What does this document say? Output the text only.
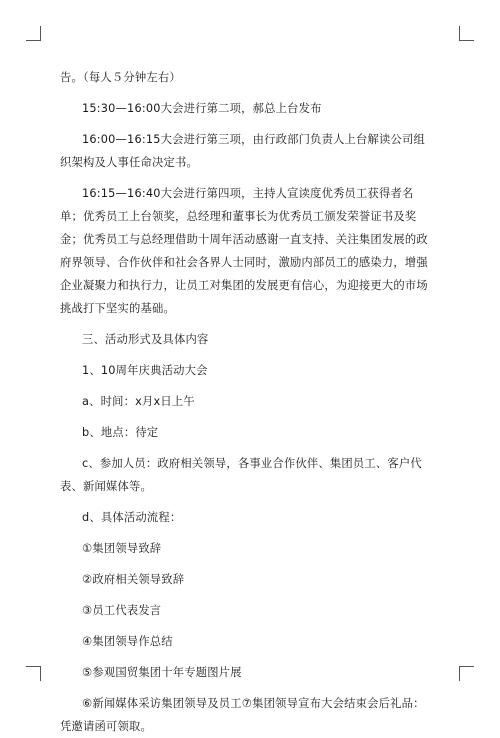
告。（每人５分钟左右）

15:30—16:00大会进行第二项，郝总上台发布

16:00—16:15大会进行第三项，由行政部门负责人上台解读公司组织架构及人事任命决定书。

16:15—16:40大会进行第四项，主持人宣读度优秀员工获得者名单；优秀员工上台领奖，总经理和董事长为优秀员工颁发荣誉证书及奖金；优秀员工与总经理借助十周年活动感谢一直支持、关注集团发展的政府界领导、合作伙伴和社会各界人士同时，激励内部员工的感染力，增强企业凝聚力和执行力，让员工对集团的发展更有信心，为迎接更大的市场挑战打下坚实的基础。

三、活动形式及具体内容

1、10周年庆典活动大会

a、时间：x月x日上午

b、地点：待定

c、参加人员：政府相关领导，各事业合作伙伴、集团员工、客户代表、新闻媒体等。

d、具体活动流程：

①集团领导致辞

②政府相关领导致辞

③员工代表发言

④集团领导作总结

⑤参观国贸集团十年专题图片展

⑥新闻媒体采访集团领导及员工⑦集团领导宣布大会结束会后礼品：凭邀请函可领取。
